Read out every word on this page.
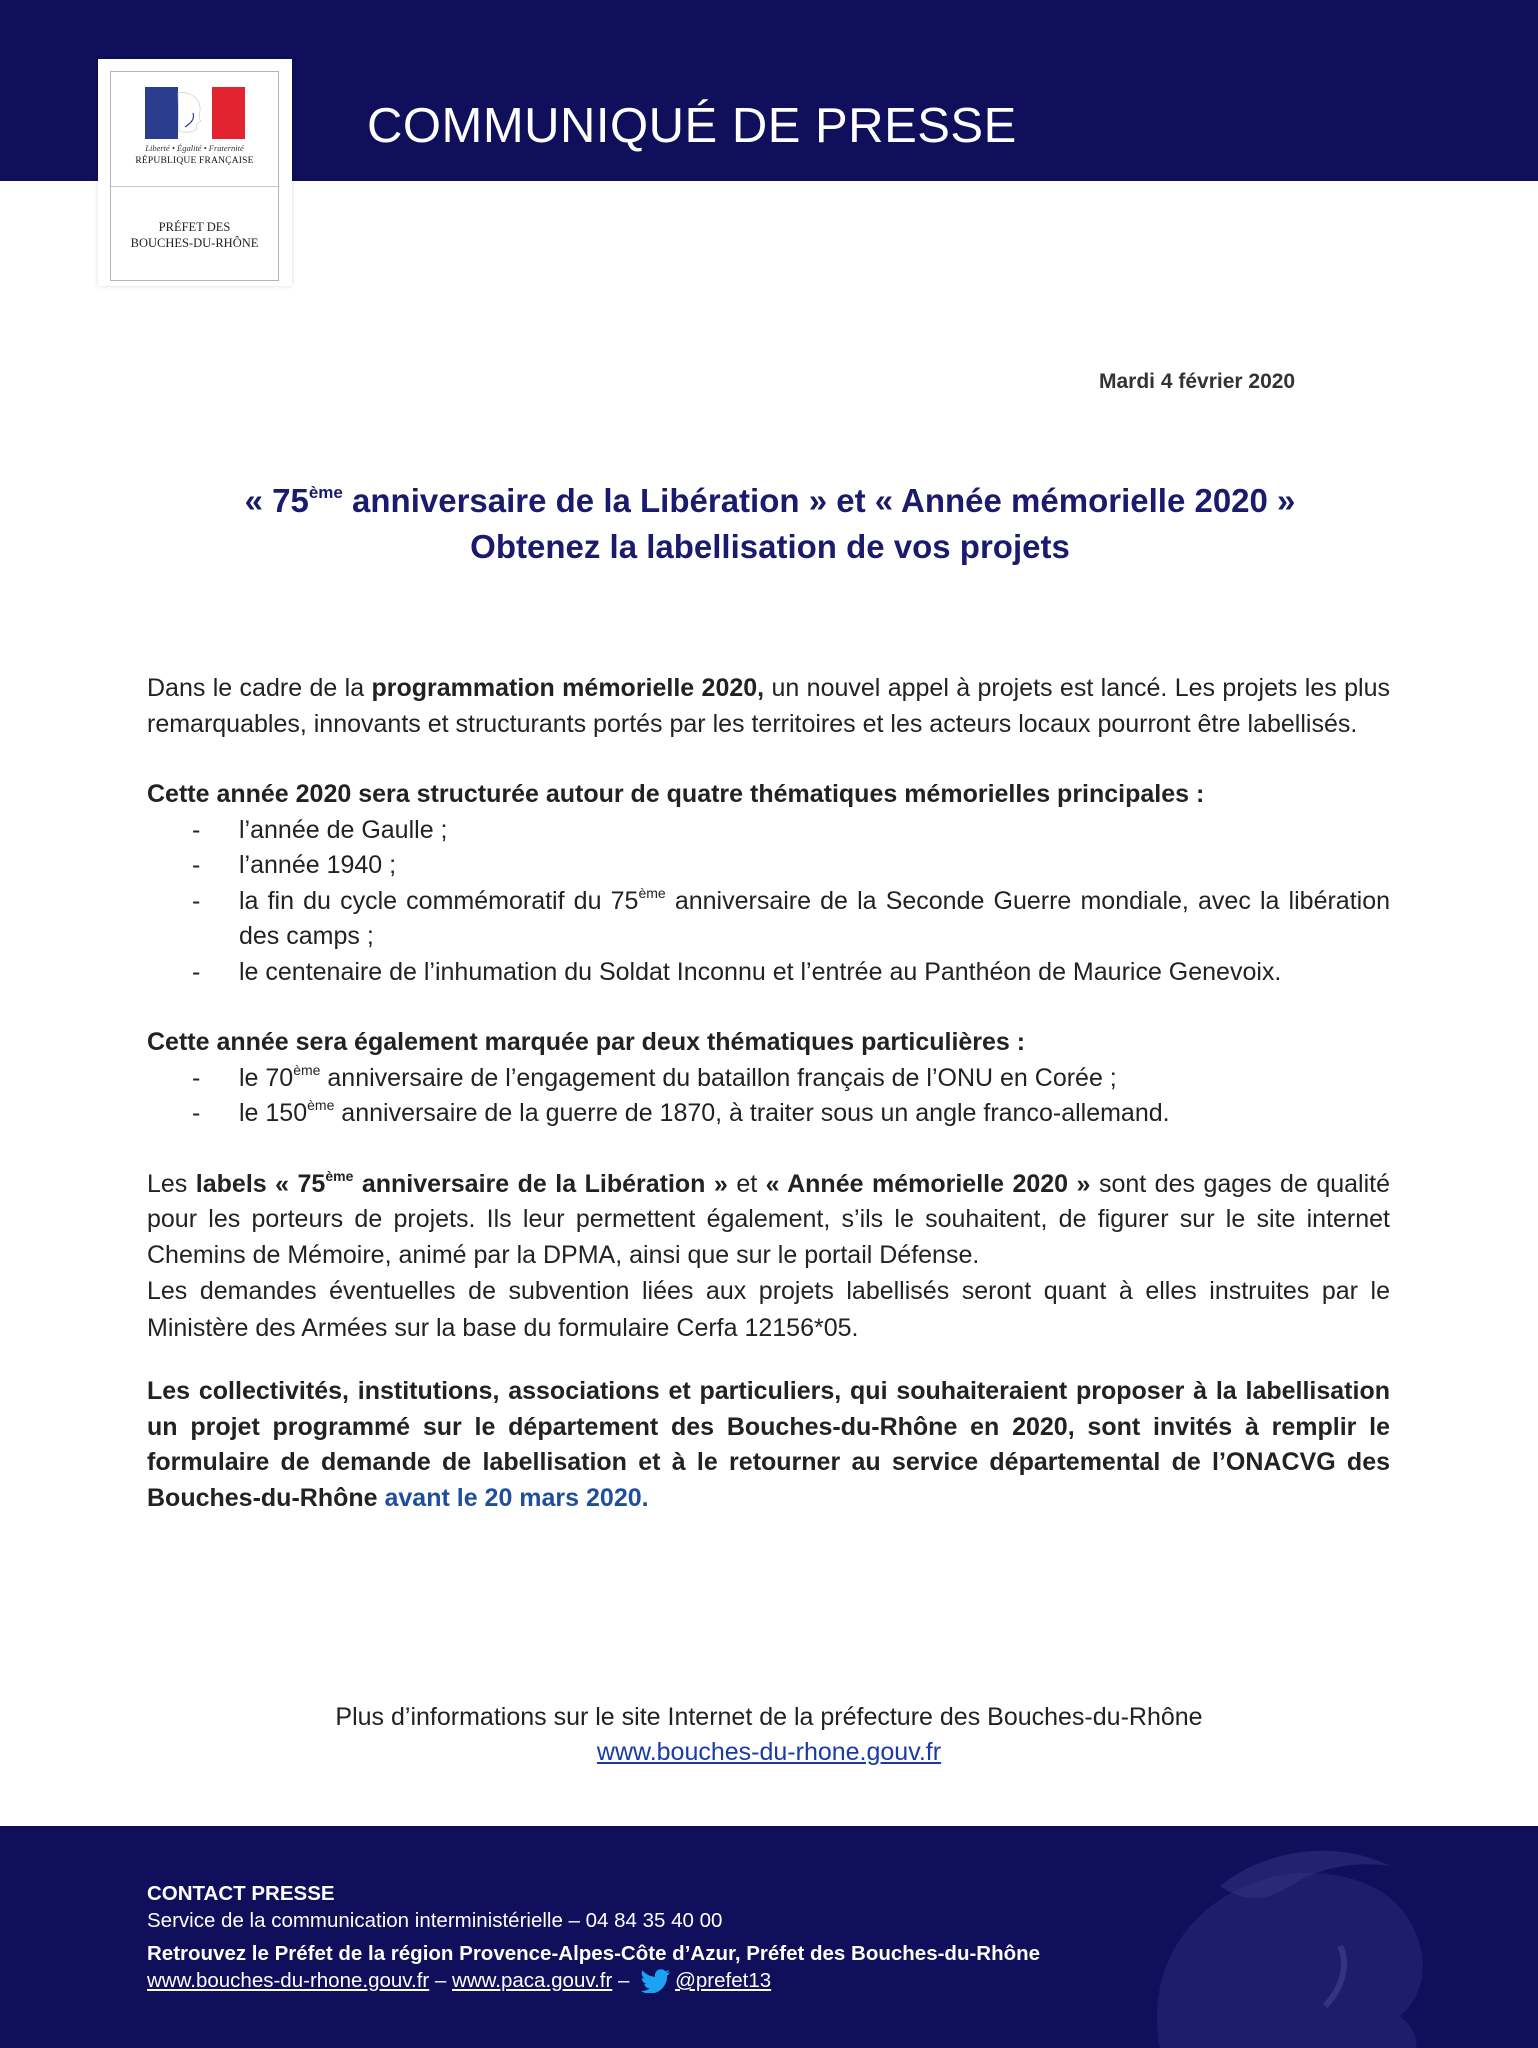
COMMUNIQUÉ DE PRESSE
Liberté • Égalité • Fraternité
RÉPUBLIQUE FRANÇAISE
PRÉFET DES
BOUCHES-DU-RHÔNE
Mardi 4 février 2020
« 75ème anniversaire de la Libération » et « Année mémorielle 2020 »
Obtenez la labellisation de vos projets

Dans le cadre de la programmation mémorielle 2020, un nouvel appel à projets est lancé. Les projets les plus remarquables, innovants et structurants portés par les territoires et les acteurs locaux pourront être labellisés.

Cette année 2020 sera structurée autour de quatre thématiques mémorielles principales :

- l’année de Gaulle ;
- l’année 1940 ;
- la fin du cycle commémoratif du 75ème anniversaire de la Seconde Guerre mondiale, avec la libération des camps ;
- le centenaire de l’inhumation du Soldat Inconnu et l’entrée au Panthéon de Maurice Genevoix.

Cette année sera également marquée par deux thématiques particulières :

- le 70ème anniversaire de l’engagement du bataillon français de l’ONU en Corée ;
- le 150ème anniversaire de la guerre de 1870, à traiter sous un angle franco-allemand.

Les labels « 75ème anniversaire de la Libération » et « Année mémorielle 2020 » sont des gages de qualité pour les porteurs de projets. Ils leur permettent également, s’ils le souhaitent, de figurer sur le site internet Chemins de Mémoire, animé par la DPMA, ainsi que sur le portail Défense.

Les demandes éventuelles de subvention liées aux projets labellisés seront quant à elles instruites par le Ministère des Armées sur la base du formulaire Cerfa 12156*05.

Les collectivités, institutions, associations et particuliers, qui souhaiteraient proposer à la labellisation un projet programmé sur le département des Bouches-du-Rhône en 2020, sont invités à remplir le formulaire de demande de labellisation et à le retourner au service départemental de l’ONACVG des Bouches-du-Rhône avant le 20 mars 2020.

Plus d’informations sur le site Internet de la préfecture des Bouches-du-Rhône
www.bouches-du-rhone.gouv.fr
CONTACT PRESSE
Service de la communication interministérielle – 04 84 35 40 00
Retrouvez le Préfet de la région Provence-Alpes-Côte d’Azur, Préfet des Bouches-du-Rhône
www.bouches-du-rhone.gouv.fr – www.paca.gouv.fr – @prefet13
